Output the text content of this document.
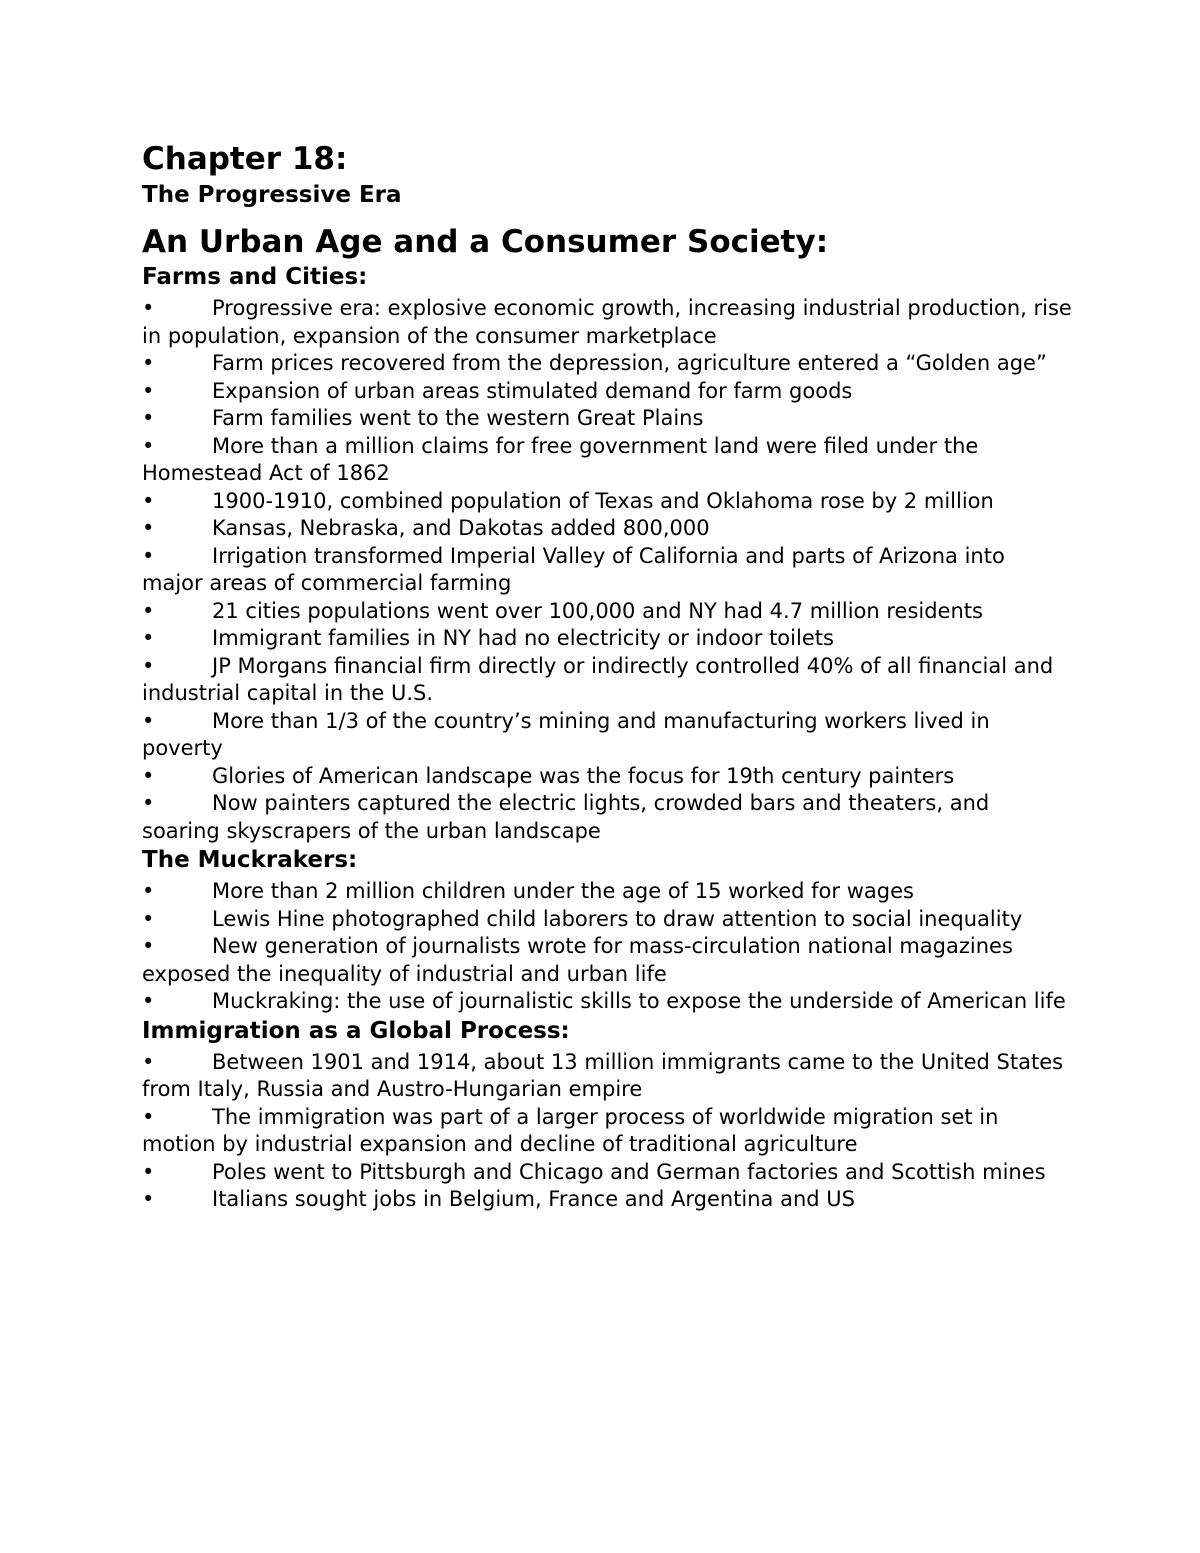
Chapter 18:
The Progressive Era
An Urban Age and a Consumer Society:
Farms and Cities:
•	Progressive era: explosive economic growth, increasing industrial production, rise in population, expansion of the consumer marketplace
•	Farm prices recovered from the depression, agriculture entered a “Golden age”
•	Expansion of urban areas stimulated demand for farm goods
•	Farm families went to the western Great Plains
•	More than a million claims for free government land were filed under the Homestead Act of 1862
•	1900-1910, combined population of Texas and Oklahoma rose by 2 million
•	Kansas, Nebraska, and Dakotas added 800,000
•	Irrigation transformed Imperial Valley of California and parts of Arizona into major areas of commercial farming
•	21 cities populations went over 100,000 and NY had 4.7 million residents
•	Immigrant families in NY had no electricity or indoor toilets
•	JP Morgans financial firm directly or indirectly controlled 40% of all financial and industrial capital in the U.S.
•	More than 1/3 of the country’s mining and manufacturing workers lived in poverty
•	Glories of American landscape was the focus for 19th century painters
•	Now painters captured the electric lights, crowded bars and theaters, and soaring skyscrapers of the urban landscape
The Muckrakers:
•	More than 2 million children under the age of 15 worked for wages
•	Lewis Hine photographed child laborers to draw attention to social inequality
•	New generation of journalists wrote for mass-circulation national magazines exposed the inequality of industrial and urban life
•	Muckraking: the use of journalistic skills to expose the underside of American life
Immigration as a Global Process:
•	Between 1901 and 1914, about 13 million immigrants came to the United States from Italy, Russia and Austro-Hungarian empire
•	The immigration was part of a larger process of worldwide migration set in motion by industrial expansion and decline of traditional agriculture
•	Poles went to Pittsburgh and Chicago and German factories and Scottish mines
•	Italians sought jobs in Belgium, France and Argentina and US
